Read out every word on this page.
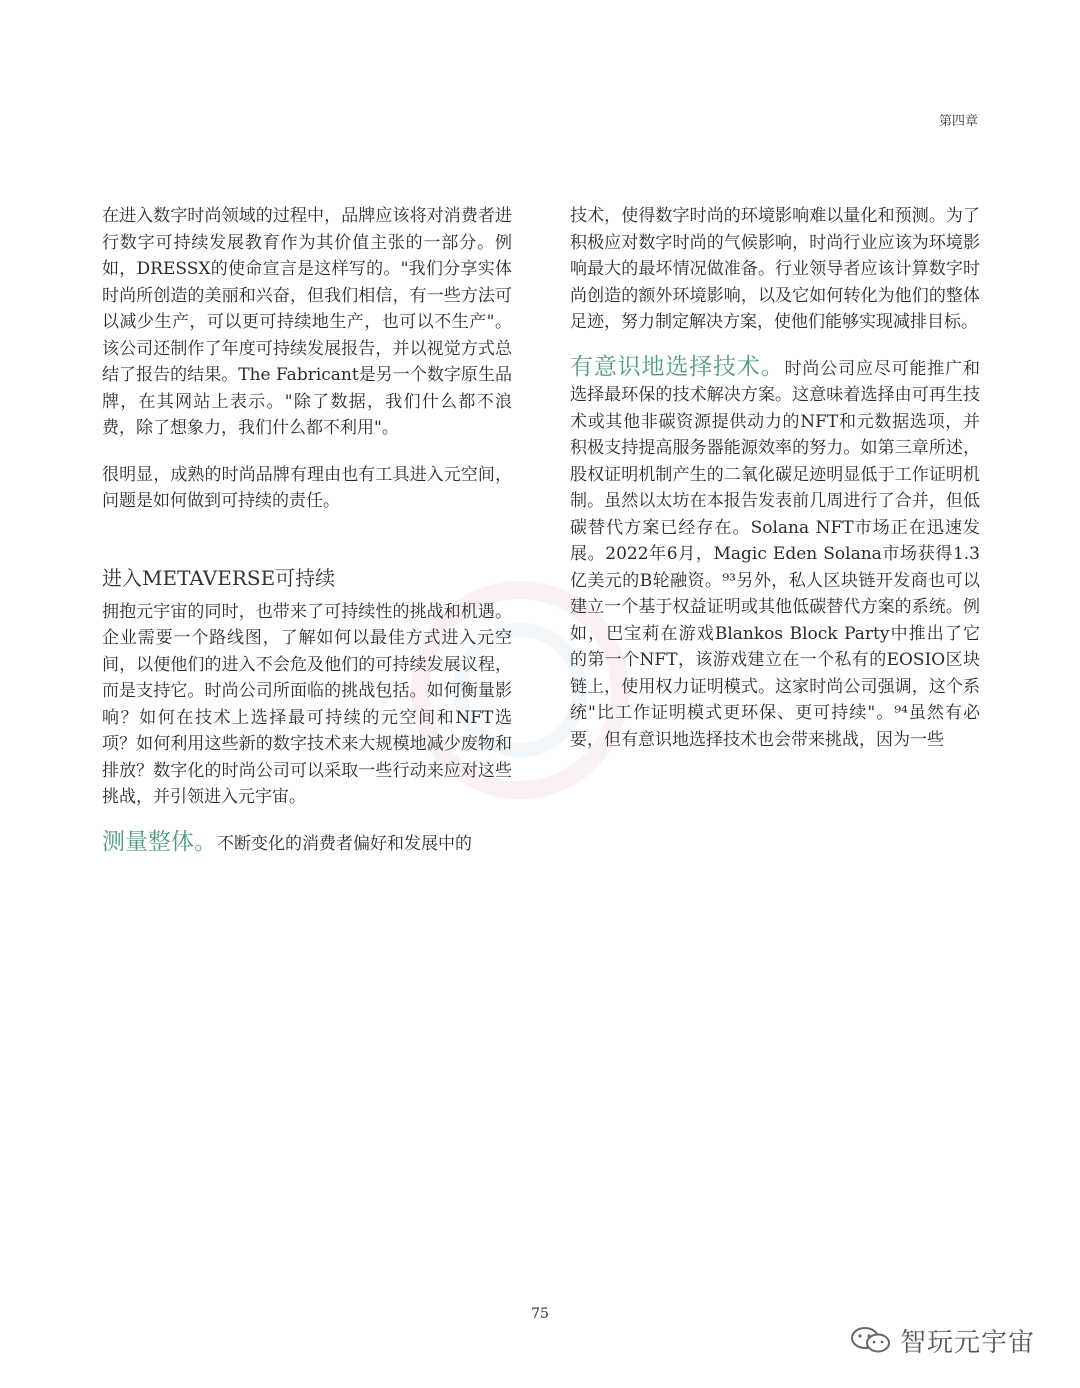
第四章

在进入数字时尚领域的过程中，品牌应该将对消费者进行数字可持续发展教育作为其价值主张的一部分。例如，DRESSX的使命宣言是这样写的。"我们分享实体时尚所创造的美丽和兴奋，但我们相信，有一些方法可以减少生产，可以更可持续地生产，也可以不生产"。该公司还制作了年度可持续发展报告，并以视觉方式总结了报告的结果。The Fabricant是另一个数字原生品牌，在其网站上表示。"除了数据，我们什么都不浪费，除了想象力，我们什么都不利用"。

很明显，成熟的时尚品牌有理由也有工具进入元空间，问题是如何做到可持续的责任。

进入METAVERSE可持续

拥抱元宇宙的同时，也带来了可持续性的挑战和机遇。企业需要一个路线图，了解如何以最佳方式进入元空间，以便他们的进入不会危及他们的可持续发展议程，而是支持它。时尚公司所面临的挑战包括。如何衡量影响？如何在技术上选择最可持续的元空间和NFT选项？如何利用这些新的数字技术来大规模地减少废物和排放？数字化的时尚公司可以采取一些行动来应对这些挑战，并引领进入元宇宙。

测量整体。不断变化的消费者偏好和发展中的

技术，使得数字时尚的环境影响难以量化和预测。为了积极应对数字时尚的气候影响，时尚行业应该为环境影响最大的最坏情况做准备。行业领导者应该计算数字时尚创造的额外环境影响，以及它如何转化为他们的整体足迹，努力制定解决方案，使他们能够实现减排目标。

有意识地选择技术。时尚公司应尽可能推广和选择最环保的技术解决方案。这意味着选择由可再生技术或其他非碳资源提供动力的NFT和元数据选项，并积极支持提高服务器能源效率的努力。如第三章所述，股权证明机制产生的二氧化碳足迹明显低于工作证明机制。虽然以太坊在本报告发表前几周进行了合并，但低碳替代方案已经存在。Solana NFT市场正在迅速发展。2022年6月，Magic Eden Solana市场获得1.3亿美元的B轮融资。⁹³另外，私人区块链开发商也可以建立一个基于权益证明或其他低碳替代方案的系统。例如，巴宝莉在游戏Blankos Block Party中推出了它的第一个NFT，该游戏建立在一个私有的EOSIO区块链上，使用权力证明模式。这家时尚公司强调，这个系统"比工作证明模式更环保、更可持续"。⁹⁴虽然有必要，但有意识地选择技术也会带来挑战，因为一些

75
智玩元宇宙
